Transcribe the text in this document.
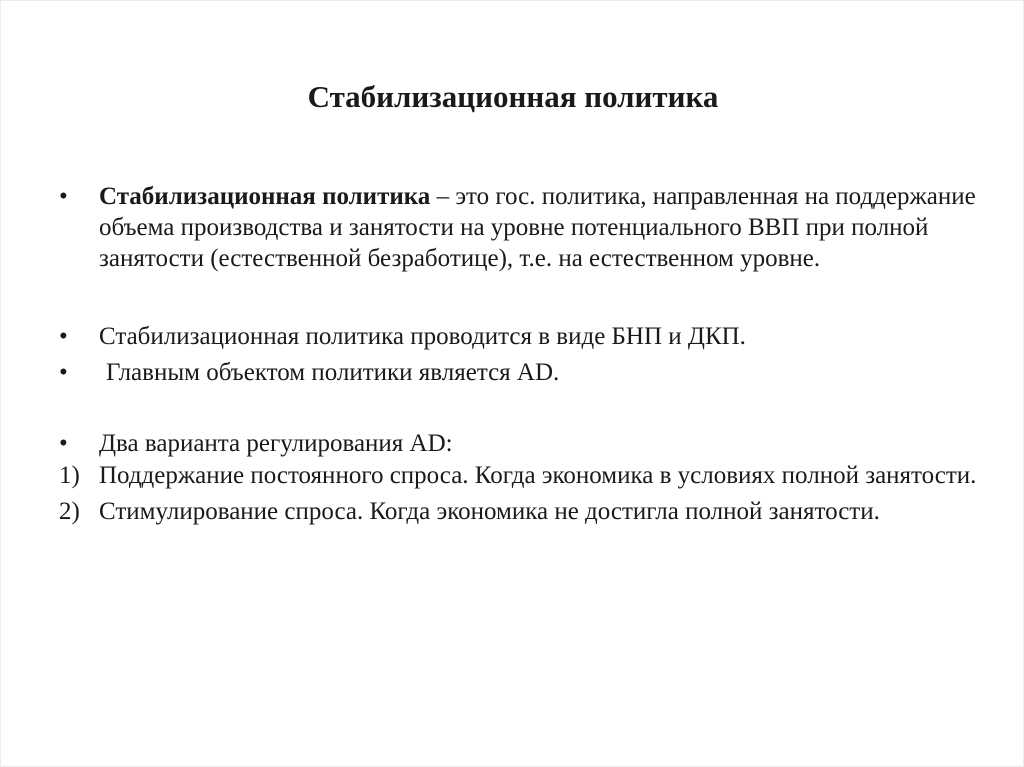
Стабилизационная политика
• Стабилизационная политика – это гос. политика, направленная на поддержание объема производства и занятости на уровне потенциального ВВП при полной занятости (естественной безработице), т.е. на естественном уровне.
• Стабилизационная политика проводится в виде БНП и ДКП.
• Главным объектом политики является AD.
• Два варианта регулирования AD:
1) Поддержание постоянного спроса. Когда экономика в условиях полной занятости.
2) Стимулирование спроса. Когда экономика не достигла полной занятости.
